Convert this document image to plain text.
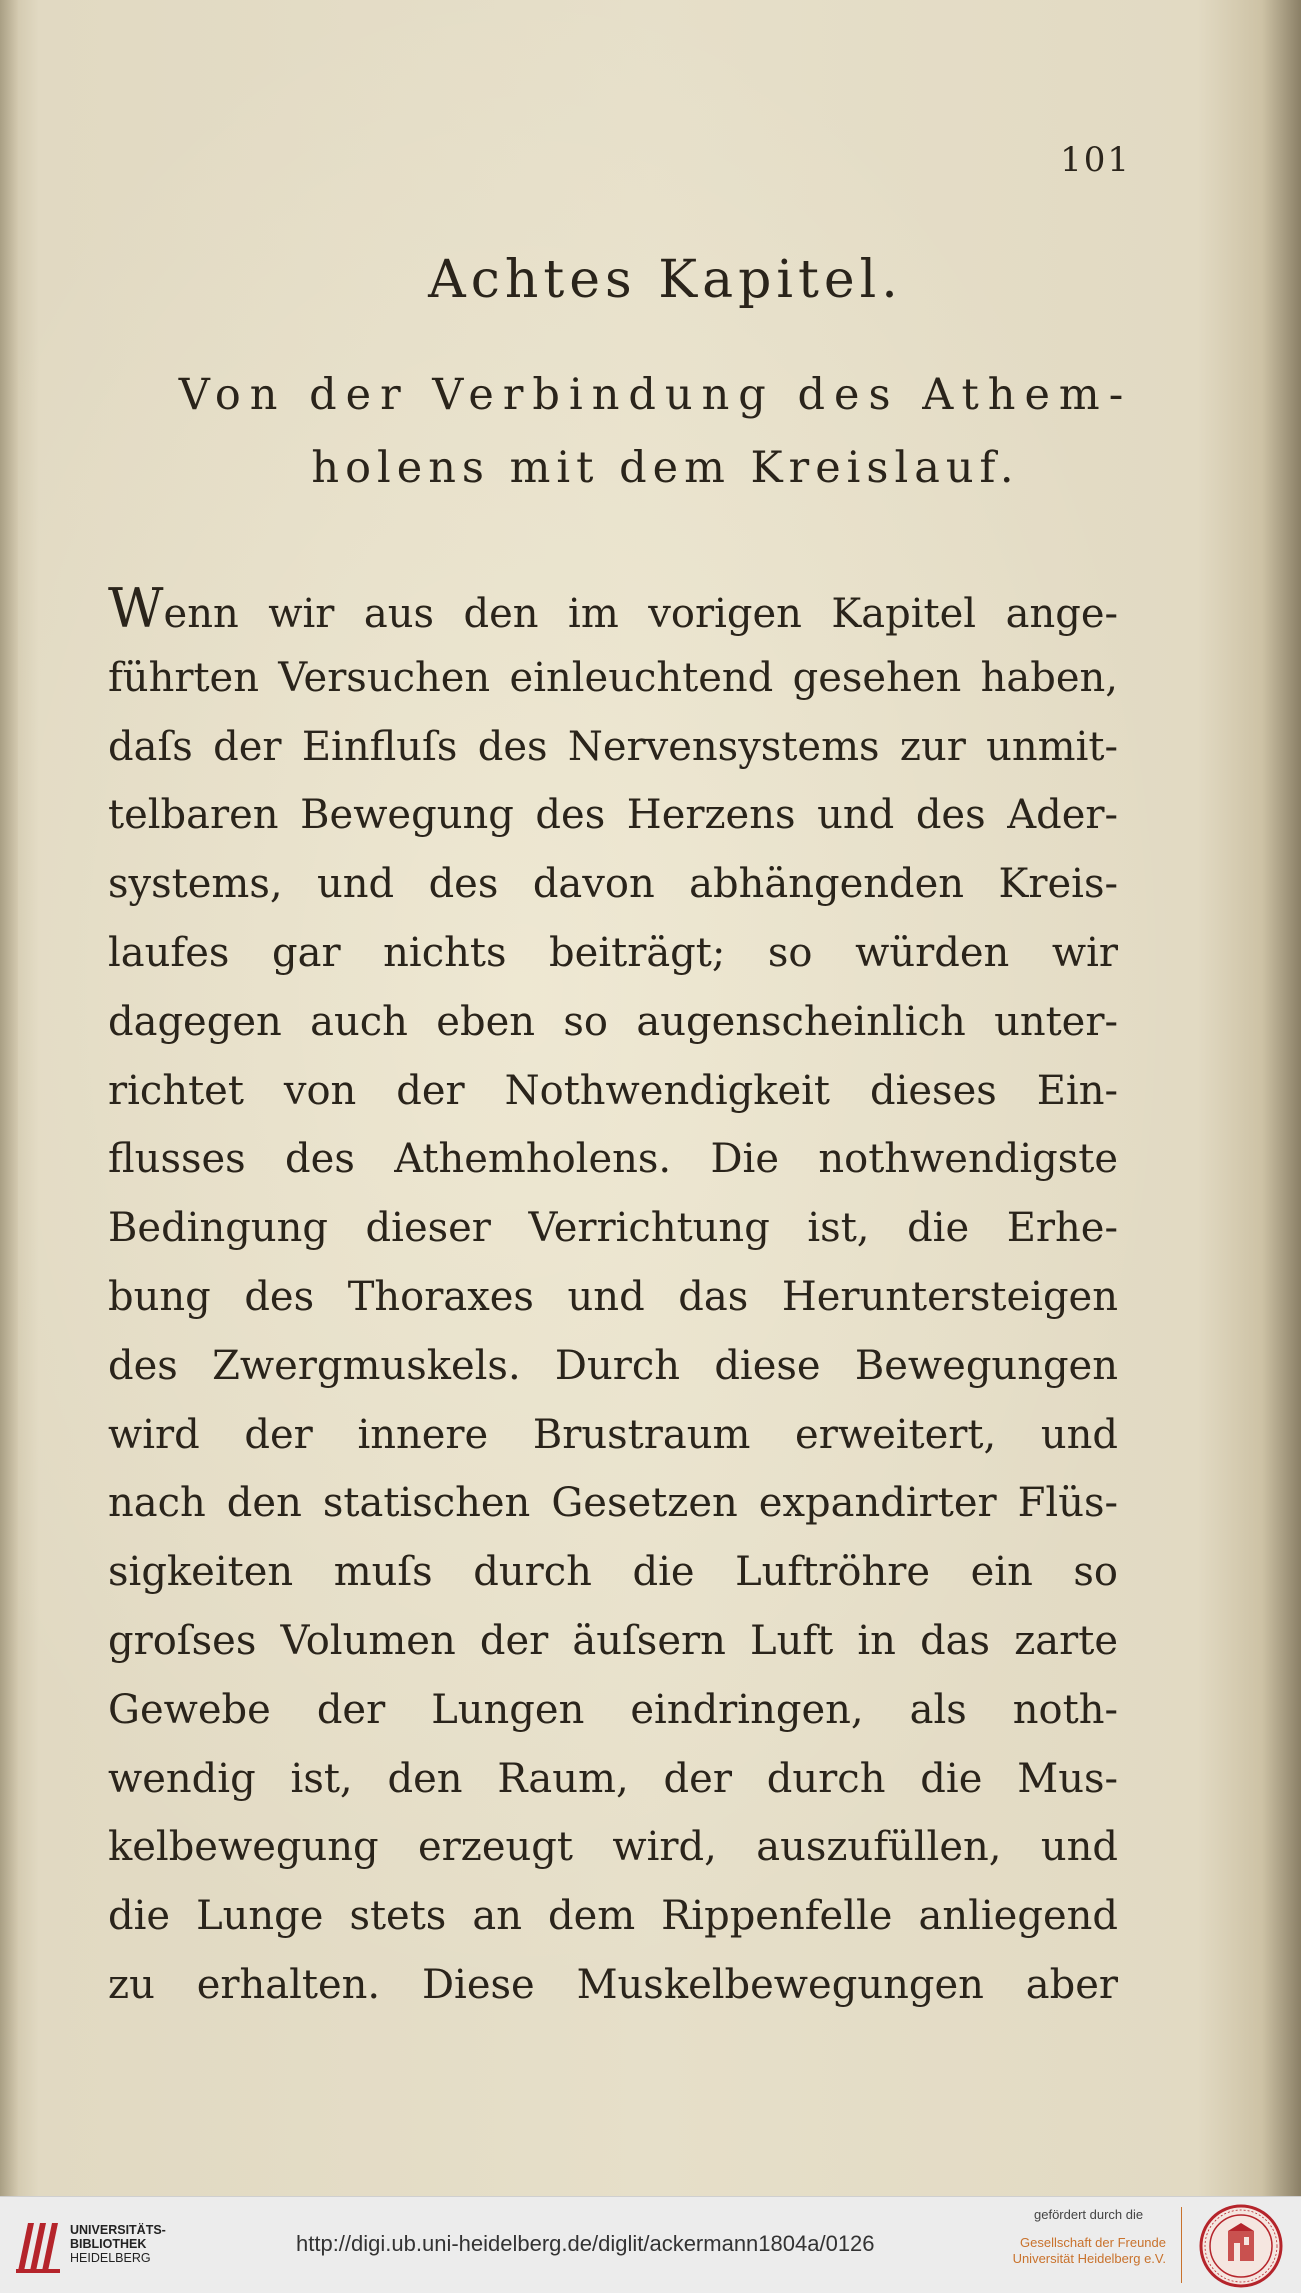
101
Achtes Kapitel.
Von der Verbindung des Athem-
holens mit dem Kreislauf.
Wenn wir aus den im vorigen Kapitel ange-
führten Versuchen einleuchtend gesehen haben,
daſs der Einfluſs des Nervensystems zur unmit-
telbaren Bewegung des Herzens und des Ader-
systems, und des davon abhängenden Kreis-
laufes gar nichts beiträgt; so würden wir
dagegen auch eben so augenscheinlich unter-
richtet von der Nothwendigkeit dieses Ein-
flusses des Athemholens. Die nothwendigste
Bedingung dieser Verrichtung ist, die Erhe-
bung des Thoraxes und das Heruntersteigen
des Zwergmuskels. Durch diese Bewegungen
wird der innere Brustraum erweitert, und
nach den statischen Gesetzen expandirter Flüs-
sigkeiten muſs durch die Luftröhre ein so
groſses Volumen der äuſsern Luft in das zarte
Gewebe der Lungen eindringen, als noth-
wendig ist, den Raum, der durch die Mus-
kelbewegung erzeugt wird, auszufüllen, und
die Lunge stets an dem Rippenfelle anliegend
zu erhalten. Diese Muskelbewegungen aber
UNIVERSITÄTS-
BIBLIOTHEK
HEIDELBERG
http://digi.ub.uni-heidelberg.de/diglit/ackermann1804a/0126
gefördert durch die
Gesellschaft der Freunde
Universität Heidelberg e.V.
